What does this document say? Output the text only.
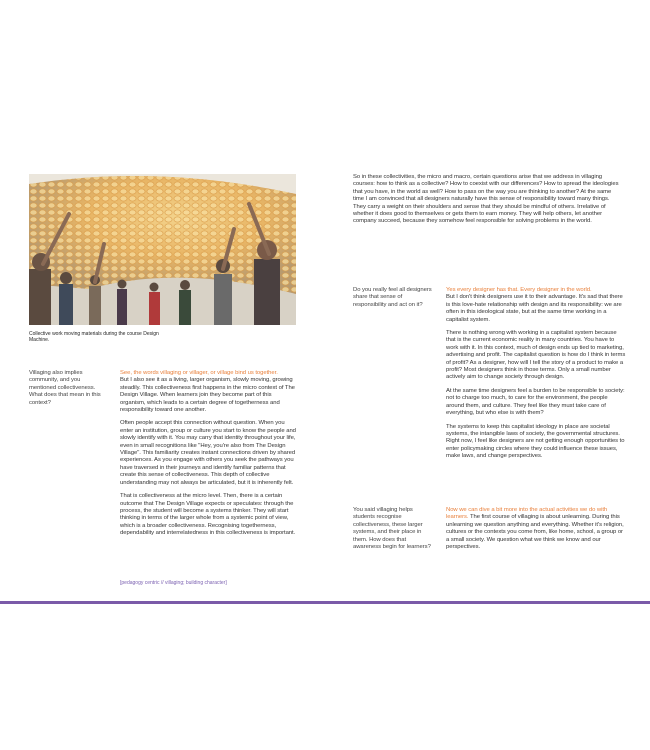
Collective work moving materials during the course Design Machine.
Villaging also implies community, and you mentioned collectiveness. What does that mean in this context?

See, the words villaging or villager, or village bind us together.

But I also see it as a living, larger organism, slowly moving, growing steadily. This collectiveness first happens in the micro context of The Design Village. When learners join they become part of this organism, which leads to a certain degree of togetherness and responsibility toward one another.

Often people accept this connection without question. When you enter an institution, group or culture you start to know the people and slowly identify with it. You may carry that identity throughout your life, even in small recognitions like "Hey, you're also from The Design Village". This familiarity creates instant connections driven by shared experiences. As you engage with others you seek the pathways you have traversed in their journeys and identify familiar patterns that create this sense of collectiveness. This depth of collective understanding may not always be articulated, but it is inherently felt.

That is collectiveness at the micro level. Then, there is a certain outcome that The Design Village expects or speculates: through the process, the student will become a systems thinker. They will start thinking in terms of the larger whole from a systemic point of view, which is a broader collectiveness. Recognising togetherness, dependability and interrelatedness in this collectiveness is important.

[pedagogy centric // villaging; building character]
So in these collectivities, the micro and macro, certain questions arise that we address in villaging courses: how to think as a collective? How to coexist with our differences? How to spread the ideologies that you have, in the world as well? How to pass on the way you are thinking to another? At the same time I am convinced that all designers naturally have this sense of responsibility toward many things. They carry a weight on their shoulders and sense that they should be mindful of others. Irrelative of whether it does good to themselves or gets them to earn money. They will help others, let another company succeed, because they somehow feel responsible for solving problems in the world.
Do you really feel all designers share that sense of responsibility and act on it?

Yes every designer has that. Every designer in the world.

But I don't think designers use it to their advantage. It's sad that there is this love-hate relationship with design and its responsibility: we are often in this ideological state, but at the same time working in a capitalist system.

There is nothing wrong with working in a capitalist system because that is the current economic reality in many countries. You have to work with it. In this context, much of design ends up tied to marketing, advertising and profit. The capitalist question is how do I think in terms of profit? As a designer, how will I tell the story of a product to make a profit? Most designers think in those terms. Only a small number actively aim to change society through design.

At the same time designers feel a burden to be responsible to society: not to charge too much, to care for the environment, the people around them, and culture. They feel like they must take care of everything, but who else is with them?

The systems to keep this capitalist ideology in place are societal systems, the intangible laws of society, the governmental structures. Right now, I feel like designers are not getting enough opportunities to enter policymaking circles where they could influence these issues, make laws, and change perspectives.

You said villaging helps students recognise collectiveness, these larger systems, and their place in them. How does that awareness begin for learners?
Now we can dive a bit more into the actual activities we do with learners. The first course of villaging is about unlearning. During this unlearning we question anything and everything. Whether it's religion, cultures or the contexts you come from, like home, school, a group or a small society. We question what we think we know and our perspectives.
